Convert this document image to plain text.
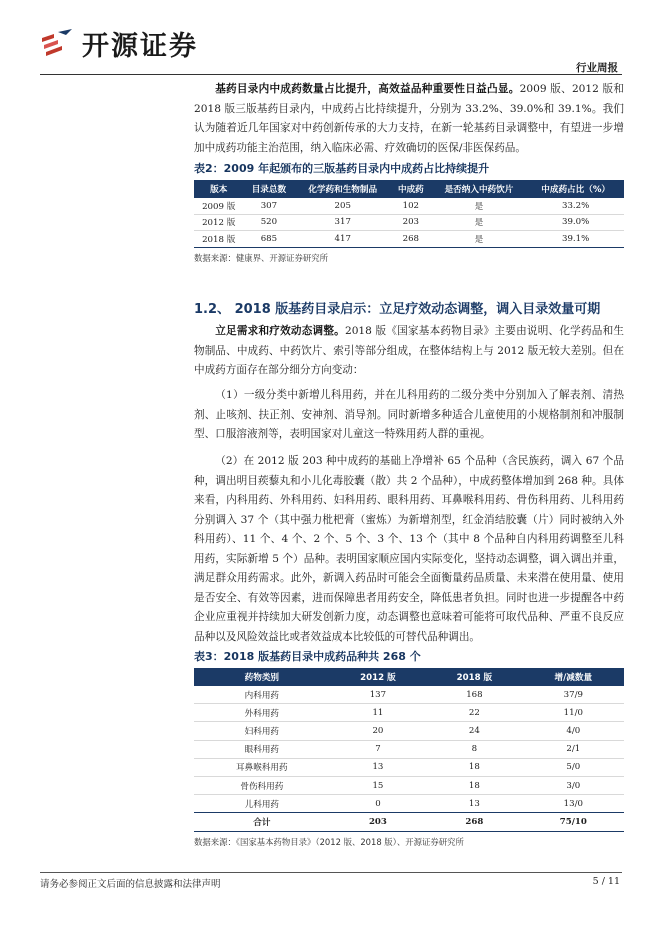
开源证券
行业周报

基药目录内中成药数量占比提升，高效益品种重要性日益凸显。2009 版、2012 版和 2018 版三版基药目录内，中成药占比持续提升，分别为 33.2%、39.0%和 39.1%。我们认为随着近几年国家对中药创新传承的大力支持，在新一轮基药目录调整中，有望进一步增加中成药功能主治范围，纳入临床必需、疗效确切的医保/非医保药品。

表2：2009 年起颁布的三版基药目录内中成药占比持续提升

版本	目录总数	化学药和生物制品	中成药	是否纳入中药饮片	中成药占比（%）
2009 版	307	205	102	是	33.2%
2012 版	520	317	203	是	39.0%
2018 版	685	417	268	是	39.1%

数据来源：健康界、开源证券研究所

1.2、 2018 版基药目录启示：立足疗效动态调整，调入目录效量可期

立足需求和疗效动态调整。2018 版《国家基本药物目录》主要由说明、化学药品和生物制品、中成药、中药饮片、索引等部分组成，在整体结构上与 2012 版无较大差别。但在中成药方面存在部分细分方向变动：

（1）一级分类中新增儿科用药，并在儿科用药的二级分类中分别加入了解表剂、清热剂、止咳剂、扶正剂、安神剂、消导剂。同时新增多种适合儿童使用的小规格制剂和冲服制型、口服溶液剂等，表明国家对儿童这一特殊用药人群的重视。

（2）在 2012 版 203 种中成药的基础上净增补 65 个品种（含民族药，调入 67 个品种，调出明目蒺藜丸和小儿化毒胶囊（散）共 2 个品种），中成药整体增加到 268 种。具体来看，内科用药、外科用药、妇科用药、眼科用药、耳鼻喉科用药、骨伤科用药、儿科用药分别调入 37 个（其中强力枇杷膏（蜜炼）为新增剂型，红金消结胶囊（片）同时被纳入外科用药）、11 个、4 个、2 个、5 个、3 个、13 个（其中 8 个品种自内科用药调整至儿科用药，实际新增 5 个）品种。表明国家顺应国内实际变化，坚持动态调整，调入调出并重，满足群众用药需求。此外，新调入药品时可能会全面衡量药品质量、未来潜在使用量、使用是否安全、有效等因素，进而保障患者用药安全，降低患者负担。同时也进一步提醒各中药企业应重视并持续加大研发创新力度，动态调整也意味着可能将可取代品种、严重不良反应品种以及风险效益比或者效益成本比较低的可替代品种调出。

表3：2018 版基药目录中成药品种共 268 个

药物类别	2012 版	2018 版	增/减数量
内科用药	137	168	37/9
外科用药	11	22	11/0
妇科用药	20	24	4/0
眼科用药	7	8	2/1
耳鼻喉科用药	13	18	5/0
骨伤科用药	15	18	3/0
儿科用药	0	13	13/0
合计	203	268	75/10

数据来源：《国家基本药物目录》（2012 版、2018 版）、开源证券研究所

请务必参阅正文后面的信息披露和法律声明	5 / 11
